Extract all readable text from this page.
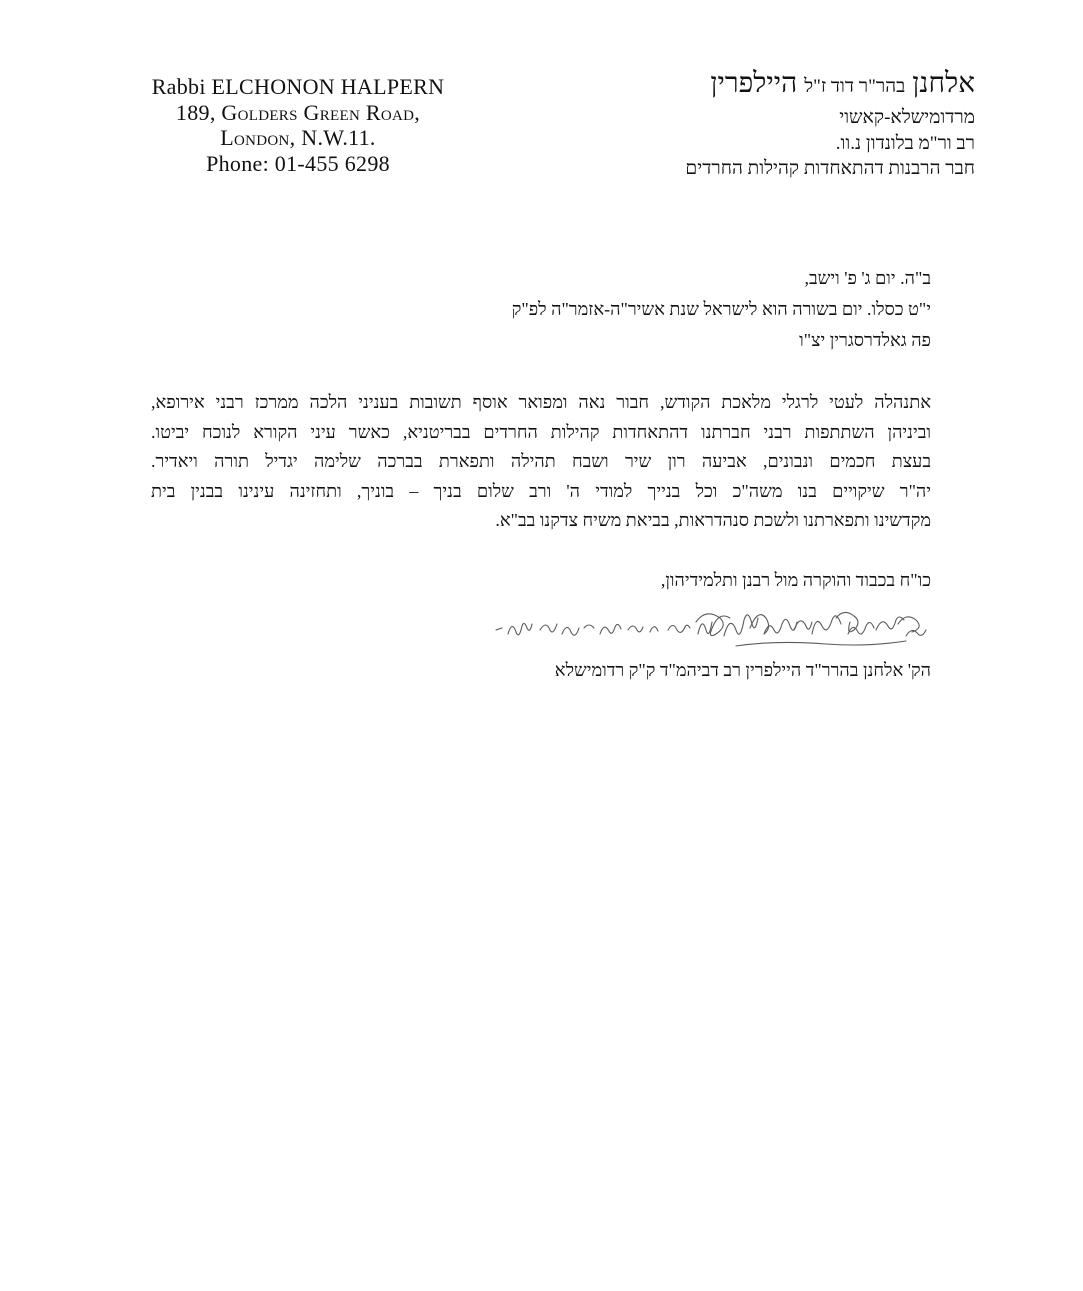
Rabbi ELCHONON HALPERN
189, Golders Green Road,
London, N.W.11.
Phone: 01-455 6298
אלחנן בהר"ר דוד ז"ל היילפרין
מרדומישלא-קאשוי
רב ור"מ בלונדון נ.וו.
חבר הרבנות דהתאחדות קהילות החרדים
ב"ה. יום ג' פ' וישב,
י"ט כסלו. יום בשורה הוא לישראל שנת אשיר"ה-אזמר"ה לפ"ק
פה גאלדרסגרין יצ"ו
אתנהלה לעטי לרגלי מלאכת הקודש, חבור נאה ומפואר אוסף תשובות בעניני הלכה ממרכז רבני אירופא,
וביניהן השתתפות רבני חברתנו דהתאחדות קהילות החרדים בבריטניא, כאשר עיני הקורא לנוכח יביטו.
בעצת חכמים ונבונים, אביעה רון שיר ושבח תהילה ותפארת בברכה שלימה יגדיל תורה ויאדיר.
יה"ר שיקויים בנו משה"כ וכל בנייך למודי ה' ורב שלום בניך – בוניך, ותחזינה עינינו בבנין בית
מקדשינו ותפארתנו ולשכת סנהדראות, בביאת משיח צדקנו בב"א.
כו"ח בכבוד והוקרה מול רבנן ותלמידיהון,
הק' אלחנן בהרר"ד היילפרין רב דביהמ"ד ק"ק רדומישלא
